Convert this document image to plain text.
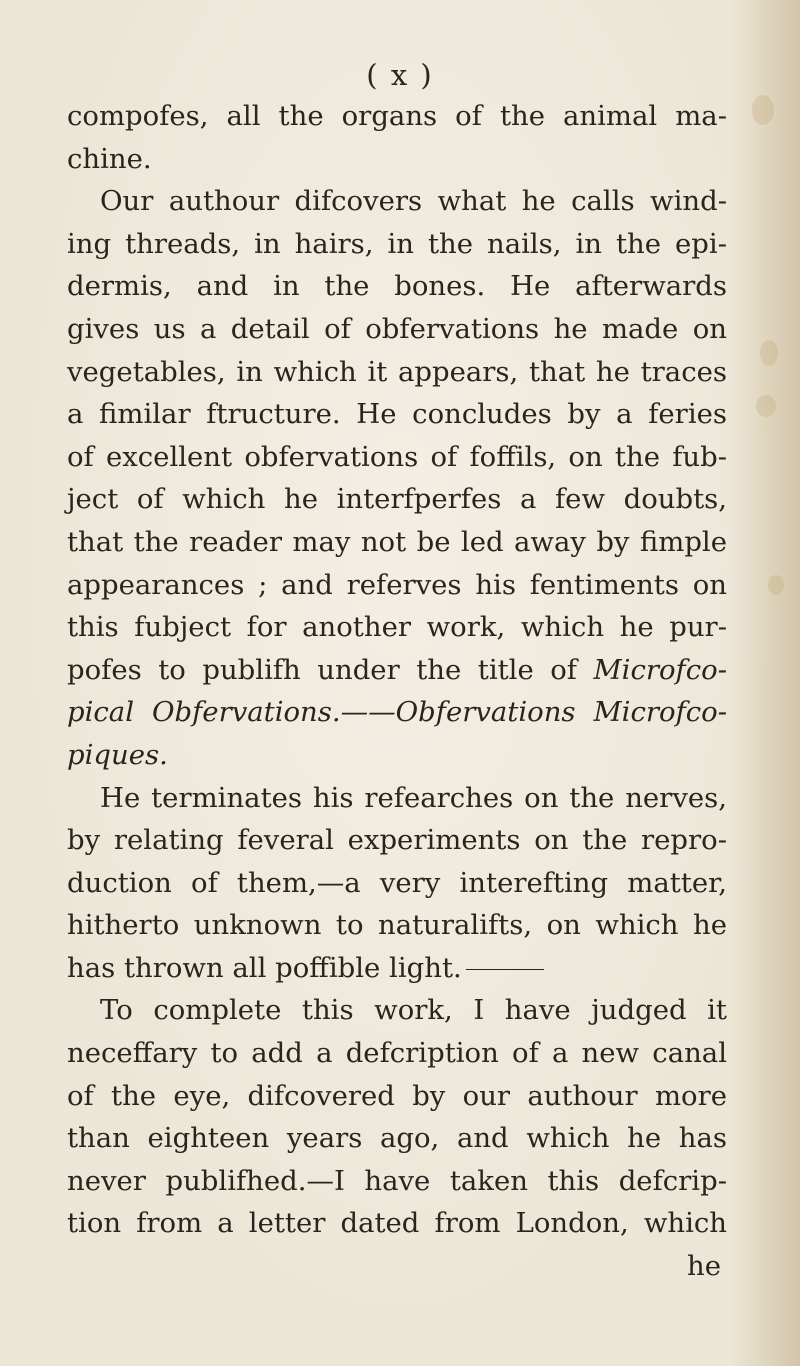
( x )
compofes, all the organs of the animal ma-
chine.
Our authour difcovers what he calls wind-
ing threads, in hairs, in the nails, in the epi-
dermis, and in the bones. He afterwards
gives us a detail of obfervations he made on
vegetables, in which it appears, that he traces
a fimilar ftructure. He concludes by a feries
of excellent obfervations of foffils, on the fub-
ject of which he interfperfes a few doubts,
that the reader may not be led away by fimple
appearances ; and referves his fentiments on
this fubject for another work, which he pur-
pofes to publifh under the title of Microfco-
pical Obfervations.——Obfervations Microfco-
piques.
He terminates his refearches on the nerves,
by relating feveral experiments on the repro-
duction of them,—a very interefting matter,
hitherto unknown to naturalifts, on which he
has thrown all poffible light.
To complete this work, I have judged it
neceffary to add a defcription of a new canal
of the eye, difcovered by our authour more
than eighteen years ago, and which he has
never publifhed.—I have taken this defcrip-
tion from a letter dated from London, which
he
